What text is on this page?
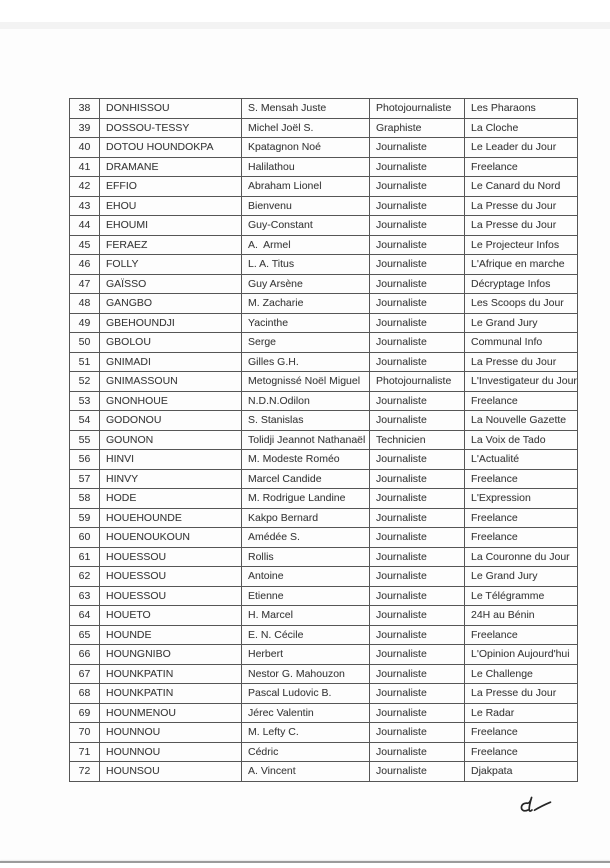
38	DONHISSOU	S. Mensah Juste	Photojournaliste	Les Pharaons
39	DOSSOU-TESSY	Michel Joël S.	Graphiste	La Cloche
40	DOTOU HOUNDOKPA	Kpatagnon Noé	Journaliste	Le Leader du Jour
41	DRAMANE	Halilathou	Journaliste	Freelance
42	EFFIO	Abraham Lionel	Journaliste	Le Canard du Nord
43	EHOU	Bienvenu	Journaliste	La Presse du Jour
44	EHOUMI	Guy-Constant	Journaliste	La Presse du Jour
45	FERAEZ	A.  Armel	Journaliste	Le Projecteur Infos
46	FOLLY	L. A. Titus	Journaliste	L'Afrique en marche
47	GAÏSSO	Guy Arsène	Journaliste	Décryptage Infos
48	GANGBO	M. Zacharie	Journaliste	Les Scoops du Jour
49	GBEHOUNDJI	Yacinthe	Journaliste	Le Grand Jury
50	GBOLOU	Serge	Journaliste	Communal Info
51	GNIMADI	Gilles G.H.	Journaliste	La Presse du Jour
52	GNIMASSOUN	Metognissé Noël Miguel	Photojournaliste	L'Investigateur du Jour
53	GNONHOUE	N.D.N.Odilon	Journaliste	Freelance
54	GODONOU	S. Stanislas	Journaliste	La Nouvelle Gazette
55	GOUNON	Tolidji Jeannot Nathanaël	Technicien	La Voix de Tado
56	HINVI	M. Modeste Roméo	Journaliste	L'Actualité
57	HINVY	Marcel Candide	Journaliste	Freelance
58	HODE	M. Rodrigue Landine	Journaliste	L'Expression
59	HOUEHOUNDE	Kakpo Bernard	Journaliste	Freelance
60	HOUENOUKOUN	Amédée S.	Journaliste	Freelance
61	HOUESSOU	Rollis	Journaliste	La Couronne du Jour
62	HOUESSOU	Antoine	Journaliste	Le Grand Jury
63	HOUESSOU	Etienne	Journaliste	Le Télégramme
64	HOUETO	H. Marcel	Journaliste	24H au Bénin
65	HOUNDE	E. N. Cécile	Journaliste	Freelance
66	HOUNGNIBO	Herbert	Journaliste	L'Opinion Aujourd'hui
67	HOUNKPATIN	Nestor G. Mahouzon	Journaliste	Le Challenge
68	HOUNKPATIN	Pascal Ludovic B.	Journaliste	La Presse du Jour
69	HOUNMENOU	Jérec Valentin	Journaliste	Le Radar
70	HOUNNOU	M. Lefty C.	Journaliste	Freelance
71	HOUNNOU	Cédric	Journaliste	Freelance
72	HOUNSOU	A. Vincent	Journaliste	Djakpata
